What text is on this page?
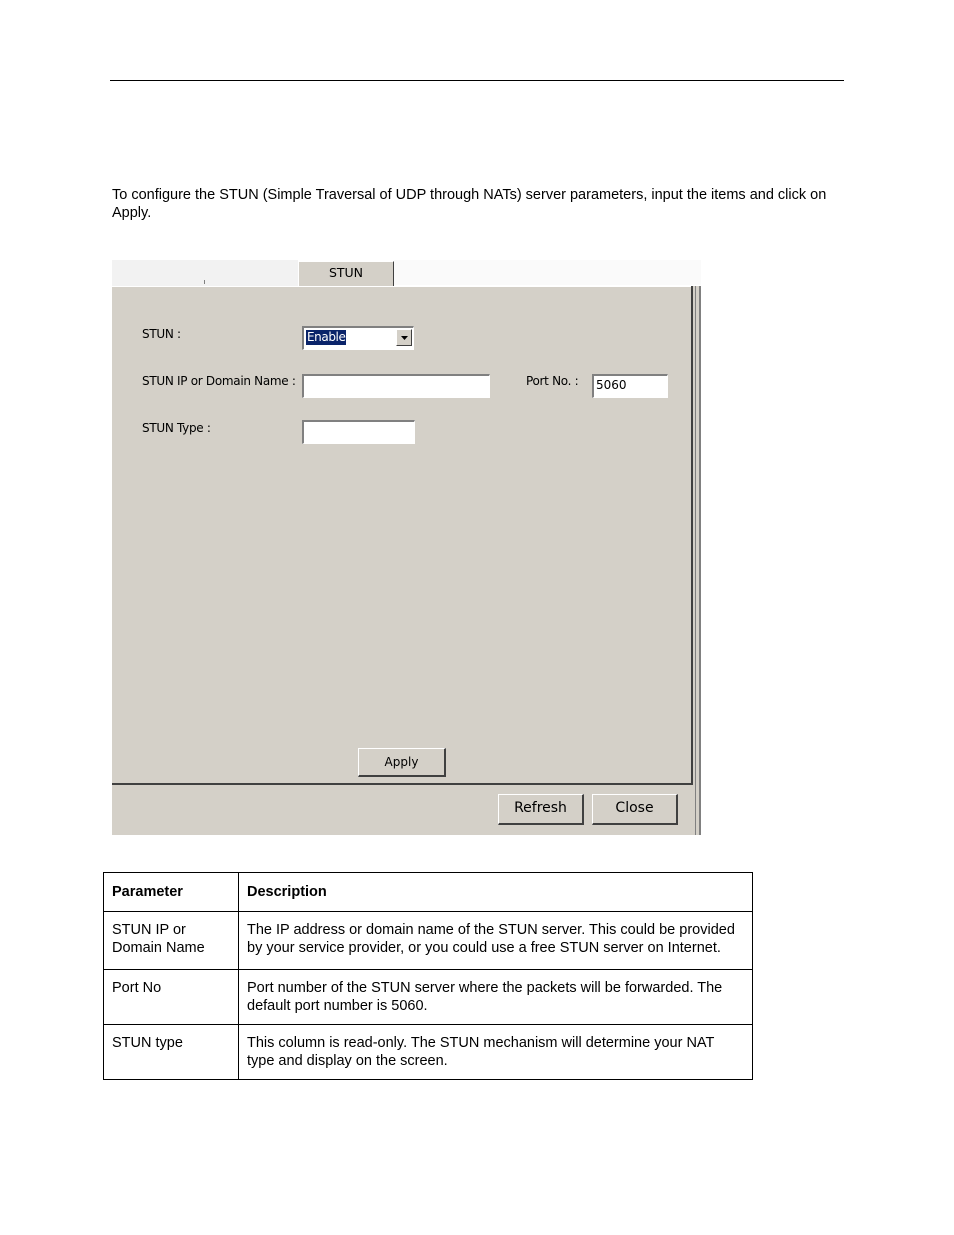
To configure the STUN (Simple Traversal of UDP through NATs) server parameters, input the items and click on Apply.

STUN
STUN :	Enable
STUN IP or Domain Name :	Port No. :	5060
STUN Type :
Apply
Refresh	Close
Parameter	Description
STUN IP or Domain Name	The IP address or domain name of the STUN server. This could be provided by your service provider, or you could use a free STUN server on Internet.
Port No	Port number of the STUN server where the packets will be forwarded. The default port number is 5060.
STUN type	This column is read-only. The STUN mechanism will determine your NAT type and display on the screen.
